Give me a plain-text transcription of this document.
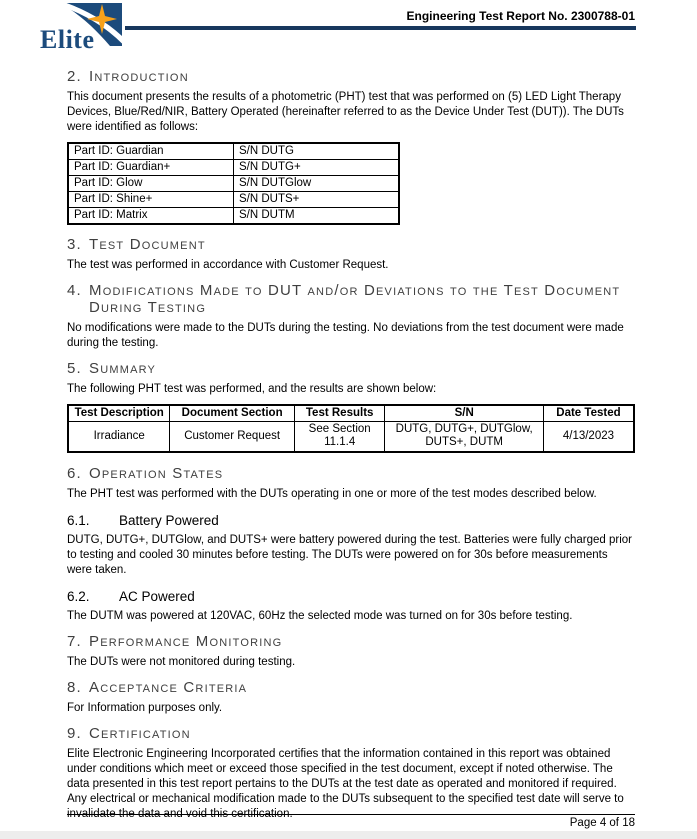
Elite
Engineering Test Report No. 2300788-01
2. Introduction

This document presents the results of a photometric (PHT) test that was performed on (5) LED Light Therapy Devices, Blue/Red/NIR, Battery Operated (hereinafter referred to as the Device Under Test (DUT)). The DUTs were identified as follows:

Part ID: Guardian	S/N DUTG
Part ID: Guardian+	S/N DUTG+
Part ID: Glow	S/N DUTGlow
Part ID: Shine+	S/N DUTS+
Part ID: Matrix	S/N DUTM
3. Test Document

The test was performed in accordance with Customer Request.

4. Modifications Made to DUT and/or Deviations to the Test Document During Testing

No modifications were made to the DUTs during the testing. No deviations from the test document were made during the testing.

5. Summary

The following PHT test was performed, and the results are shown below:

Test Description	Document Section	Test Results	S/N	Date Tested
Irradiance	Customer Request	See Section 11.1.4	DUTG, DUTG+, DUTGlow, DUTS+, DUTM	4/13/2023
6. Operation States

The PHT test was performed with the DUTs operating in one or more of the test modes described below.

6.1.	Battery Powered

DUTG, DUTG+, DUTGlow, and DUTS+ were battery powered during the test. Batteries were fully charged prior to testing and cooled 30 minutes before testing. The DUTs were powered on for 30s before measurements were taken.

6.2.	AC Powered

The DUTM was powered at 120VAC, 60Hz the selected mode was turned on for 30s before testing.

7. Performance Monitoring

The DUTs were not monitored during testing.

8. Acceptance Criteria

For Information purposes only.

9. Certification

Elite Electronic Engineering Incorporated certifies that the information contained in this report was obtained under conditions which meet or exceed those specified in the test document, except if noted otherwise. The data presented in this test report pertains to the DUTs at the test date as operated and monitored if required. Any electrical or mechanical modification made to the DUTs subsequent to the specified test date will serve to invalidate the data and void this certification.

Page 4 of 18
